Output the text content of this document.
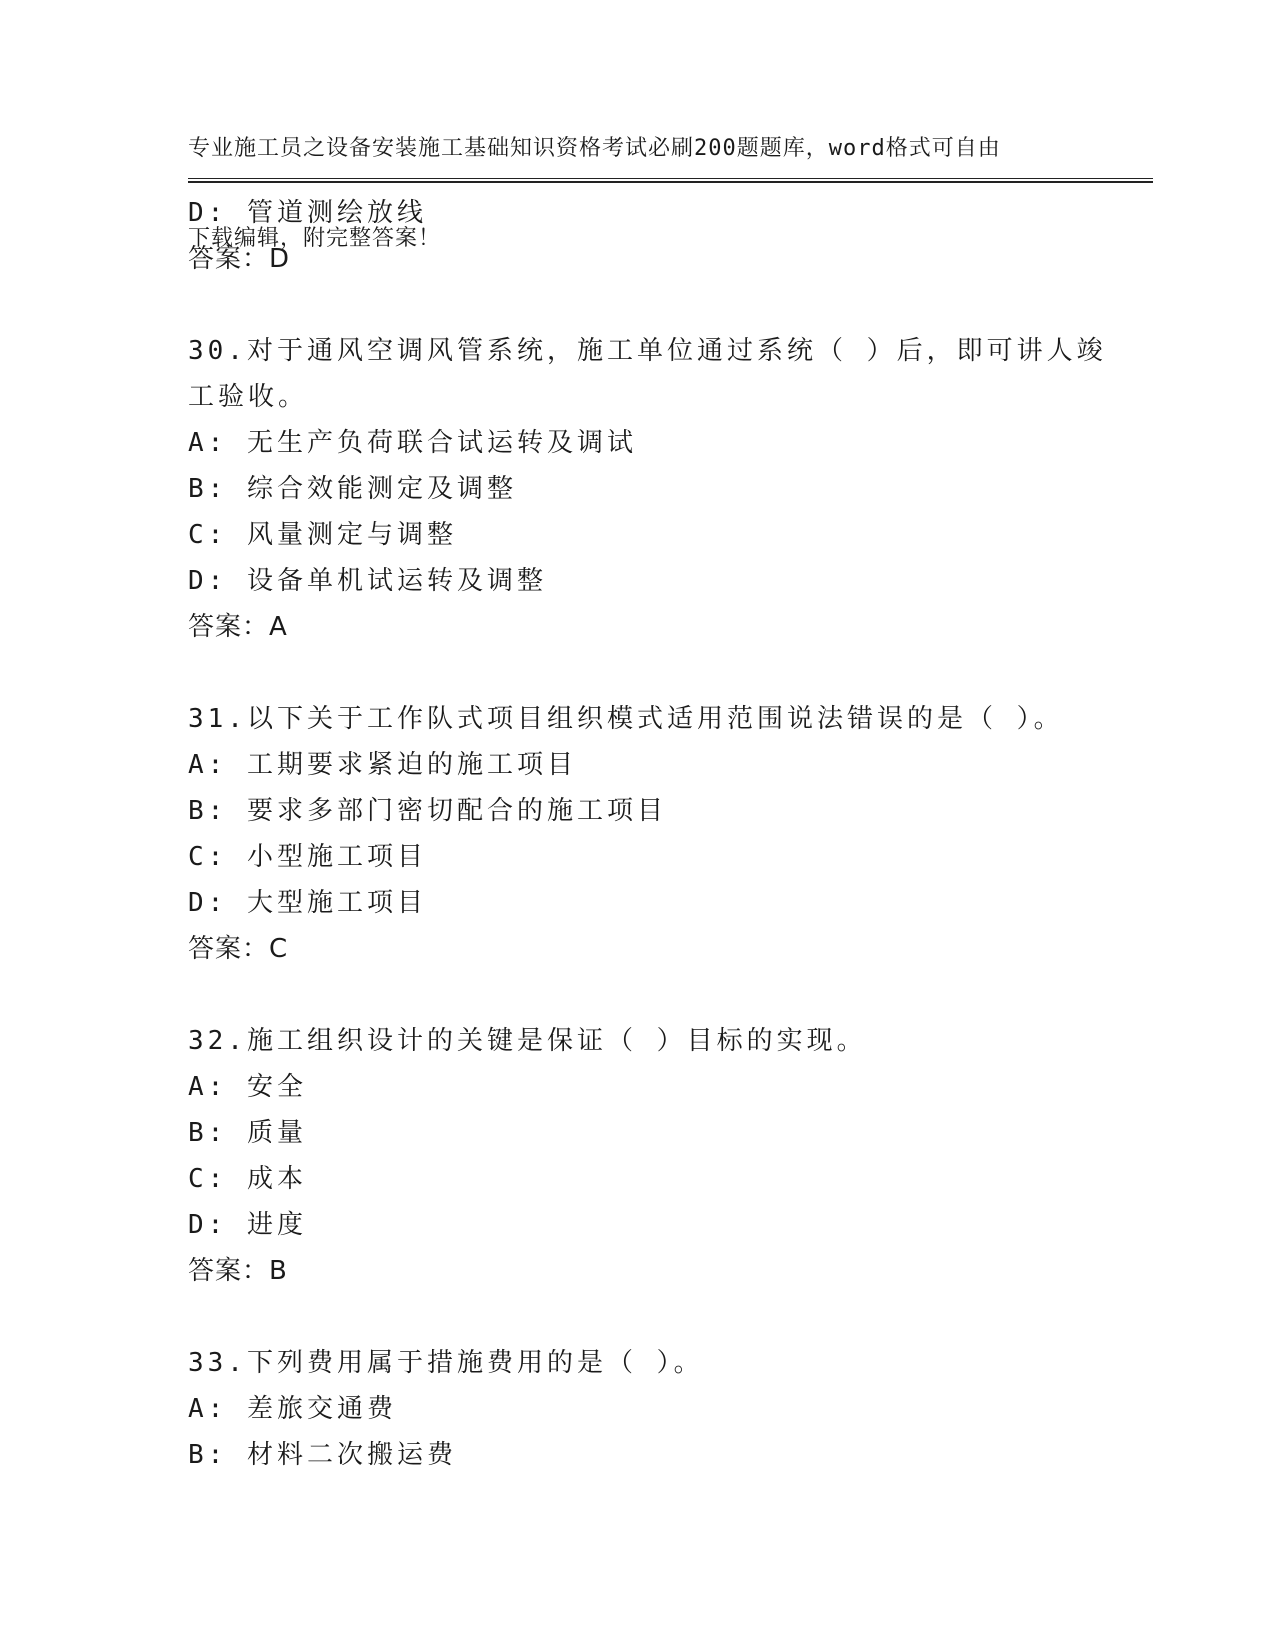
专业施工员之设备安装施工基础知识资格考试必刷200题题库，word格式可自由

下载编辑，附完整答案！

D: 管道测绘放线
答案：D
30.对于通风空调风管系统，施工单位通过系统（ ）后，即可讲人竣
工验收。
A: 无生产负荷联合试运转及调试
B: 综合效能测定及调整
C: 风量测定与调整
D: 设备单机试运转及调整
答案：A
31.以下关于工作队式项目组织模式适用范围说法错误的是（ ）。
A: 工期要求紧迫的施工项目
B: 要求多部门密切配合的施工项目
C: 小型施工项目
D: 大型施工项目
答案：C
32.施工组织设计的关键是保证（ ）目标的实现。
A: 安全
B: 质量
C: 成本
D: 进度
答案：B
33.下列费用属于措施费用的是（ ）。
A: 差旅交通费
B: 材料二次搬运费
